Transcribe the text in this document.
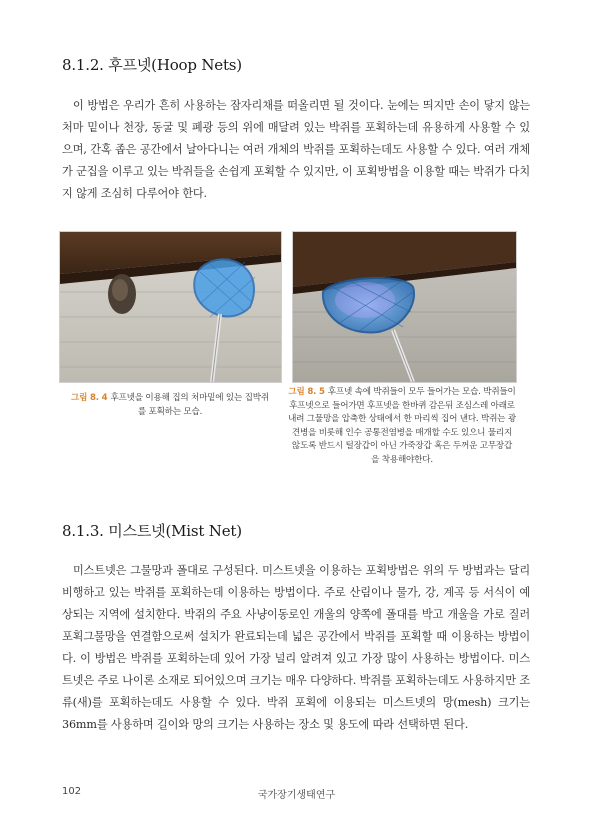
8.1.2. 후프넷(Hoop Nets)

이 방법은 우리가 흔히 사용하는 잠자리채를 떠올리면 될 것이다. 눈에는 띄지만 손이 닿지 않는 처마 밑이나 천장, 동굴 및 폐광 등의 위에 매달려 있는 박쥐를 포획하는데 유용하게 사용할 수 있으며, 간혹 좁은 공간에서 날아다니는 여러 개체의 박쥐를 포획하는데도 사용할 수 있다. 여러 개체가 군집을 이루고 있는 박쥐들을 손쉽게 포획할 수 있지만, 이 포획방법을 이용할 때는 박쥐가 다치지 않게 조심히 다루어야 한다.

그림 8. 4 후프넷을 이용해 집의 처마밑에 있는 집박쥐를 포획하는 모습.
그림 8. 5 후프넷 속에 박쥐들이 모두 들어가는 모습. 박쥐들이 후프넷으로 들어가면 후프넷을 한바퀴 감은뒤 조심스레 아래로 내려 그물망을 압축한 상태에서 한 마리씩 집어 낸다. 박쥐는 광견병을 비롯해 인수 공통전염병을 매개할 수도 있으니 물리지 않도록 반드시 털장갑이 아닌 가죽장갑 혹은 두꺼운 고무장갑을 착용해야한다.
8.1.3. 미스트넷(Mist Net)

미스트넷은 그물망과 폴대로 구성된다. 미스트넷을 이용하는 포획방법은 위의 두 방법과는 달리 비행하고 있는 박쥐를 포획하는데 이용하는 방법이다. 주로 산림이나 물가, 강, 계곡 등 서식이 예상되는 지역에 설치한다. 박쥐의 주요 사냥이동로인 개울의 양쪽에 폴대를 박고 개울을 가로 질러 포획그물망을 연결함으로써 설치가 완료되는데 넓은 공간에서 박쥐를 포획할 때 이용하는 방법이다. 이 방법은 박쥐를 포획하는데 있어 가장 널리 알려져 있고 가장 많이 사용하는 방법이다. 미스트넷은 주로 나이론 소재로 되어있으며 크기는 매우 다양하다. 박쥐를 포획하는데도 사용하지만 조류(새)를 포획하는데도 사용할 수 있다. 박쥐 포획에 이용되는 미스트넷의 망(mesh) 크기는 36mm를 사용하며 길이와 망의 크기는 사용하는 장소 및 용도에 따라 선택하면 된다.

102	국가장기생태연구
